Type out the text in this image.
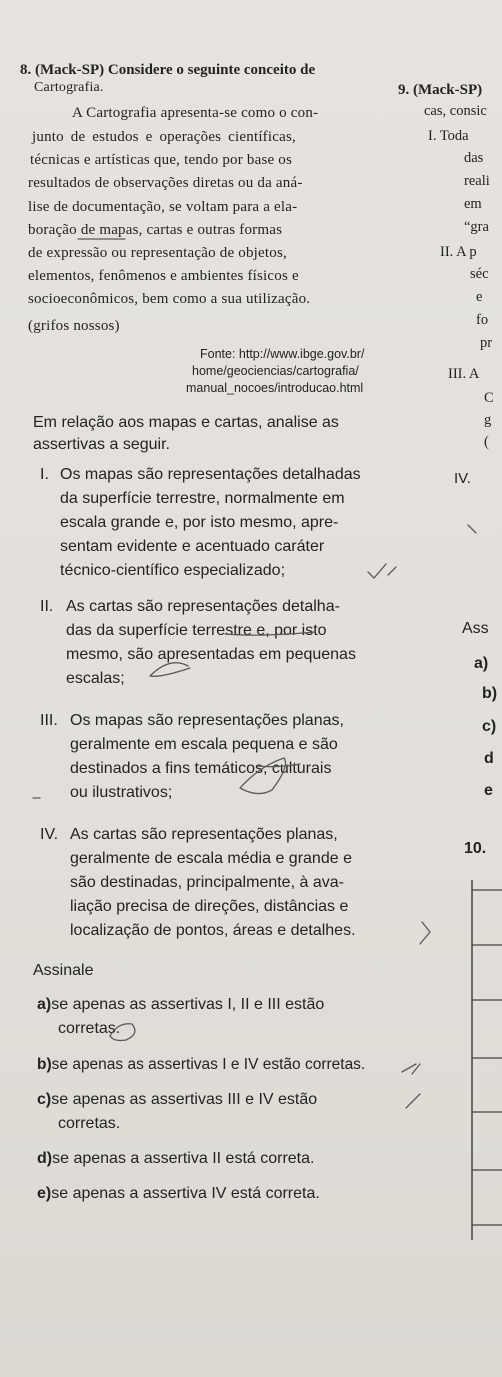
8. (Mack-SP) Considere o seguinte conceito de
Cartografia.
A Cartografia apresenta-se como o con-
junto de estudos e operações científicas,
técnicas e artísticas que, tendo por base os
resultados de observações diretas ou da aná-
lise de documentação, se voltam para a ela-
boração de mapas, cartas e outras formas
de expressão ou representação de objetos,
elementos, fenômenos e ambientes físicos e
socioeconômicos, bem como a sua utilização.
(grifos nossos)
Fonte: http://www.ibge.gov.br/
home/geociencias/cartografia/
manual_nocoes/introducao.html
Em relação aos mapas e cartas, analise as
assertivas a seguir.
I. Os mapas são representações detalhadas
da superfície terrestre, normalmente em
escala grande e, por isto mesmo, apre-
sentam evidente e acentuado caráter
técnico-científico especializado;
II. As cartas são representações detalha-
das da superfície terrestre e, por isto
mesmo, são apresentadas em pequenas
escalas;
III. Os mapas são representações planas,
geralmente em escala pequena e são
destinados a fins temáticos, culturais
ou ilustrativos;
IV. As cartas são representações planas,
geralmente de escala média e grande e
são destinadas, principalmente, à ava-
liação precisa de direções, distâncias e
localização de pontos, áreas e detalhes.
Assinale
a)se apenas as assertivas I, II e III estão
corretas.
b)se apenas as assertivas I e IV estão corretas.
c)se apenas as assertivas III e IV estão
corretas.
d)se apenas a assertiva II está correta.
e)se apenas a assertiva IV está correta.
9. (Mack-SP)
cas, consic
I. Toda
das
reali
em
“gra
II. A p
séc
e
fo
pr
III. A
C
g
(
IV.
Ass
a)
b)
c)
d
e
10.
